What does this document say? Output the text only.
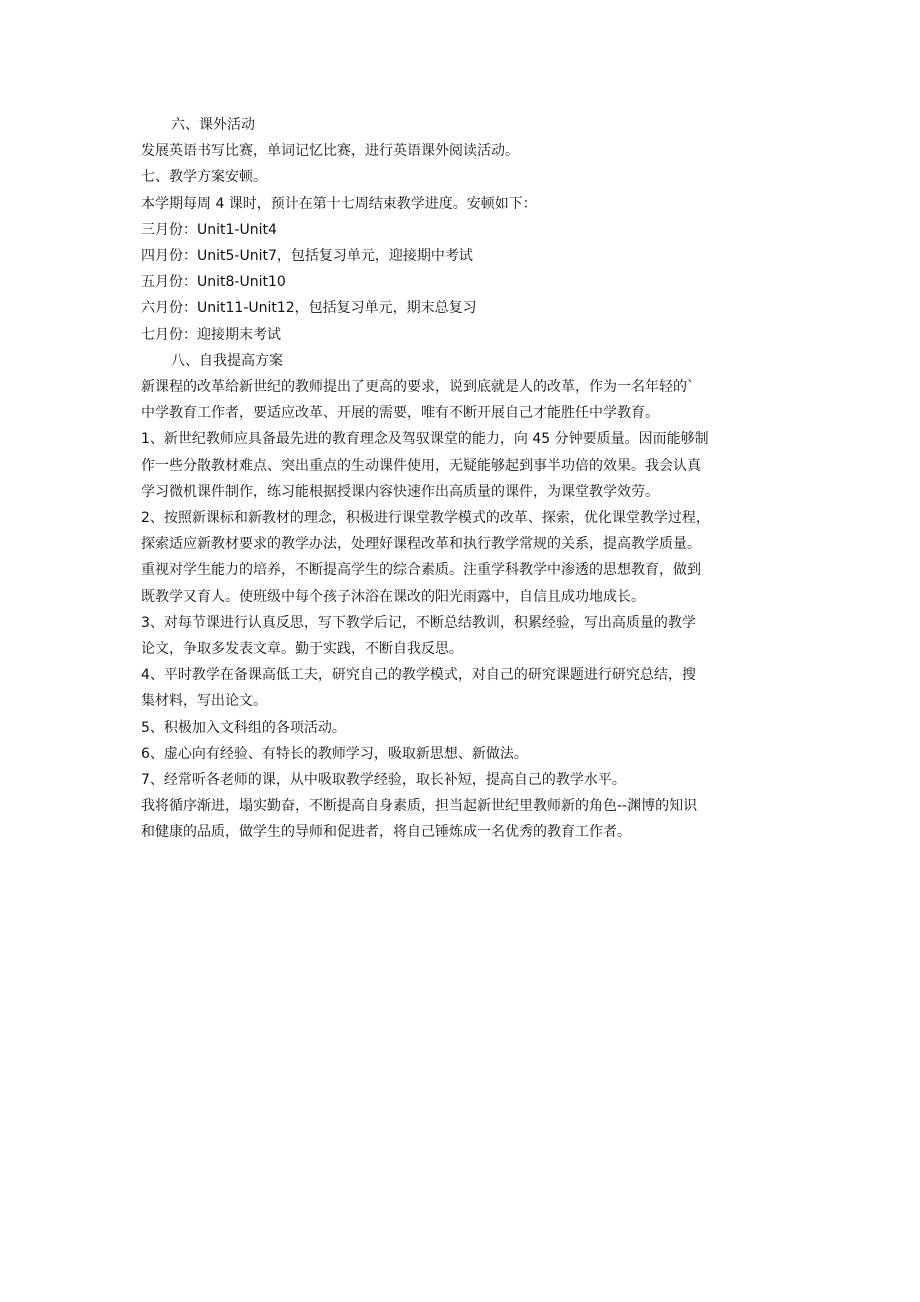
六、课外活动

发展英语书写比赛，单词记忆比赛，进行英语课外阅读活动。

七、教学方案安顿。

本学期每周 4 课时，预计在第十七周结束教学进度。安顿如下：

三月份：Unit1-Unit4

四月份：Unit5-Unit7，包括复习单元，迎接期中考试

五月份：Unit8-Unit10

六月份：Unit11-Unit12，包括复习单元，期末总复习

七月份：迎接期末考试

八、自我提高方案

新课程的改革给新世纪的教师提出了更高的要求，说到底就是人的改革，作为一名年轻的`

中学教育工作者，要适应改革、开展的需要，唯有不断开展自己才能胜任中学教育。

1、新世纪教师应具备最先进的教育理念及驾驭课堂的能力，向 45 分钟要质量。因而能够制

作一些分散教材难点、突出重点的生动课件使用，无疑能够起到事半功倍的效果。我会认真

学习微机课件制作，练习能根据授课内容快速作出高质量的课件，为课堂教学效劳。

2、按照新课标和新教材的理念，积极进行课堂教学模式的改革、探索，优化课堂教学过程，

探索适应新教材要求的教学办法，处理好课程改革和执行教学常规的关系，提高教学质量。

重视对学生能力的培养，不断提高学生的综合素质。注重学科教学中渗透的思想教育，做到

既教学又育人。使班级中每个孩子沐浴在课改的阳光雨露中，自信且成功地成长。

3、对每节课进行认真反思，写下教学后记，不断总结教训，积累经验，写出高质量的教学

论文，争取多发表文章。勤于实践，不断自我反思。

4、平时教学在备课高低工夫，研究自己的教学模式，对自己的研究课题进行研究总结，搜

集材料，写出论文。

5、积极加入文科组的各项活动。

6、虚心向有经验、有特长的教师学习，吸取新思想、新做法。

7、经常听各老师的课，从中吸取教学经验，取长补短，提高自己的教学水平。

我将循序渐进，塌实勤奋，不断提高自身素质，担当起新世纪里教师新的角色--渊博的知识

和健康的品质，做学生的导师和促进者，将自己锤炼成一名优秀的教育工作者。
